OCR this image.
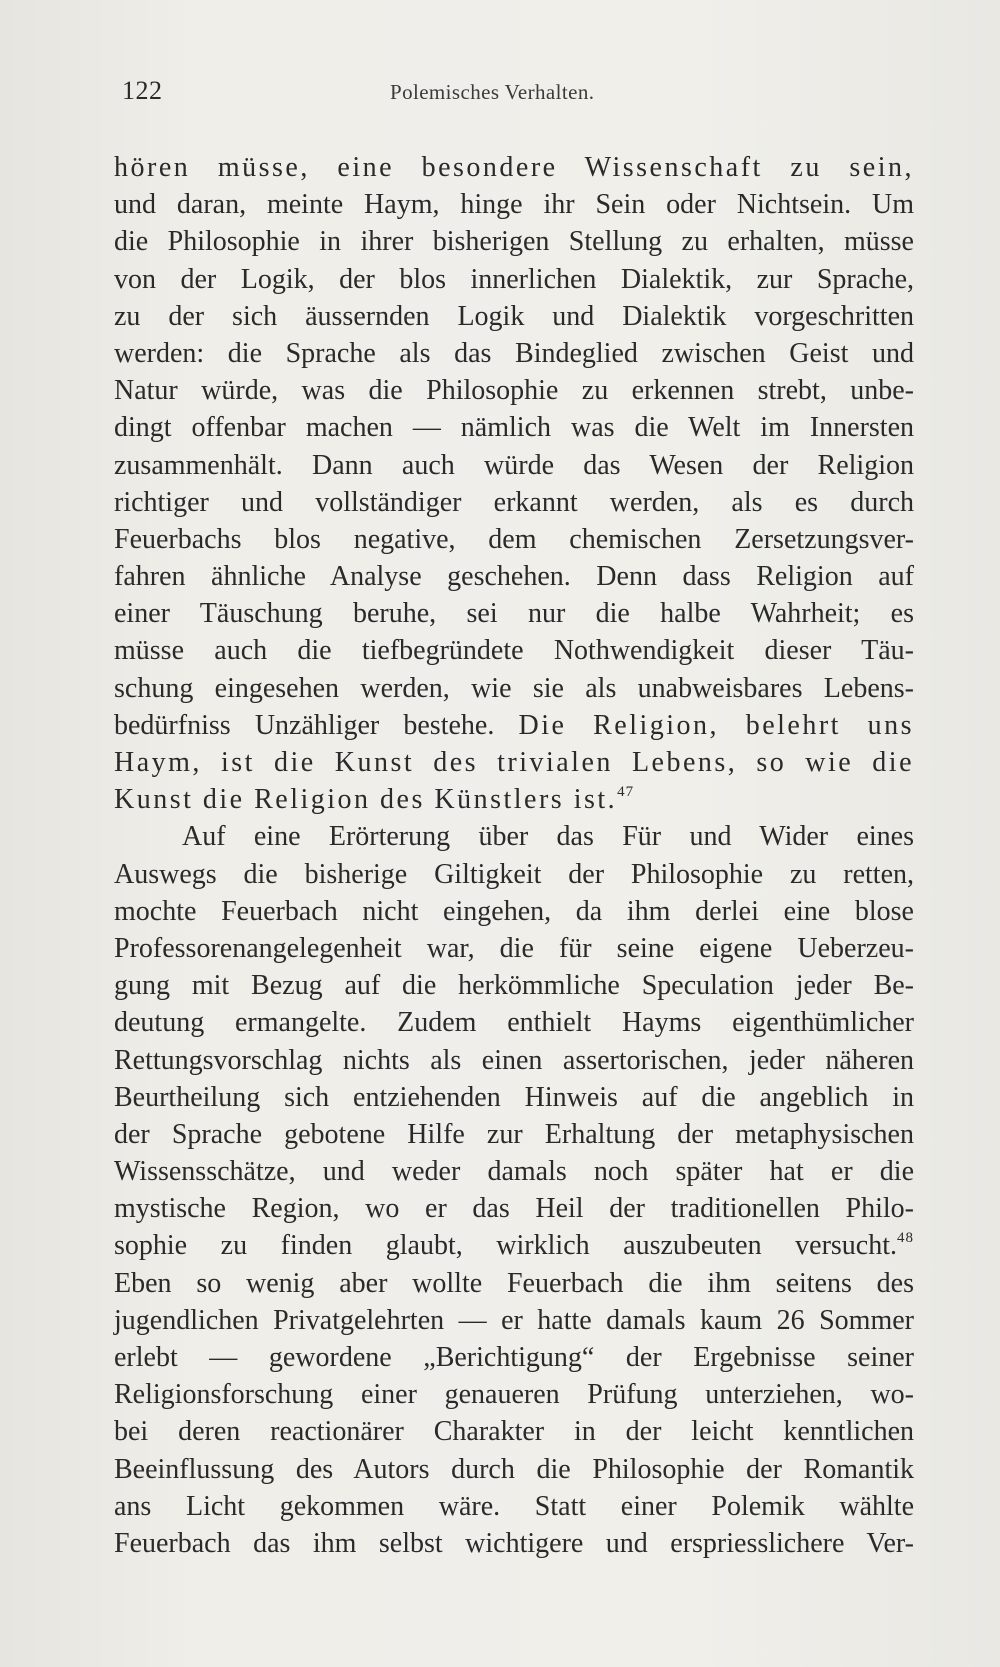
122	Polemisches Verhalten.
hören müsse, eine besondere Wissenschaft zu sein,
und daran, meinte Haym, hinge ihr Sein oder Nichtsein. Um
die Philosophie in ihrer bisherigen Stellung zu erhalten, müsse
von der Logik, der blos innerlichen Dialektik, zur Sprache,
zu der sich äussernden Logik und Dialektik vorgeschritten
werden: die Sprache als das Bindeglied zwischen Geist und
Natur würde, was die Philosophie zu erkennen strebt, unbe-
dingt offenbar machen — nämlich was die Welt im Innersten
zusammenhält. Dann auch würde das Wesen der Religion
richtiger und vollständiger erkannt werden, als es durch
Feuerbachs blos negative, dem chemischen Zersetzungsver-
fahren ähnliche Analyse geschehen. Denn dass Religion auf
einer Täuschung beruhe, sei nur die halbe Wahrheit; es
müsse auch die tiefbegründete Nothwendigkeit dieser Täu-
schung eingesehen werden, wie sie als unabweisbares Lebens-
bedürfniss Unzähliger bestehe. Die Religion, belehrt uns
Haym, ist die Kunst des trivialen Lebens, so wie die
Kunst die Religion des Künstlers ist.$^{47}$
Auf eine Erörterung über das Für und Wider eines
Auswegs die bisherige Giltigkeit der Philosophie zu retten,
mochte Feuerbach nicht eingehen, da ihm derlei eine blose
Professorenangelegenheit war, die für seine eigene Ueberzeu-
gung mit Bezug auf die herkömmliche Speculation jeder Be-
deutung ermangelte. Zudem enthielt Hayms eigenthümlicher
Rettungsvorschlag nichts als einen assertorischen, jeder näheren
Beurtheilung sich entziehenden Hinweis auf die angeblich in
der Sprache gebotene Hilfe zur Erhaltung der metaphysischen
Wissensschätze, und weder damals noch später hat er die
mystische Region, wo er das Heil der traditionellen Philo-
sophie zu finden glaubt, wirklich auszubeuten versucht.$^{48}$
Eben so wenig aber wollte Feuerbach die ihm seitens des
jugendlichen Privatgelehrten — er hatte damals kaum 26 Sommer
erlebt — gewordene „Berichtigung“ der Ergebnisse seiner
Religionsforschung einer genaueren Prüfung unterziehen, wo-
bei deren reactionärer Charakter in der leicht kenntlichen
Beeinflussung des Autors durch die Philosophie der Romantik
ans Licht gekommen wäre. Statt einer Polemik wählte
Feuerbach das ihm selbst wichtigere und erspriesslichere Ver-
